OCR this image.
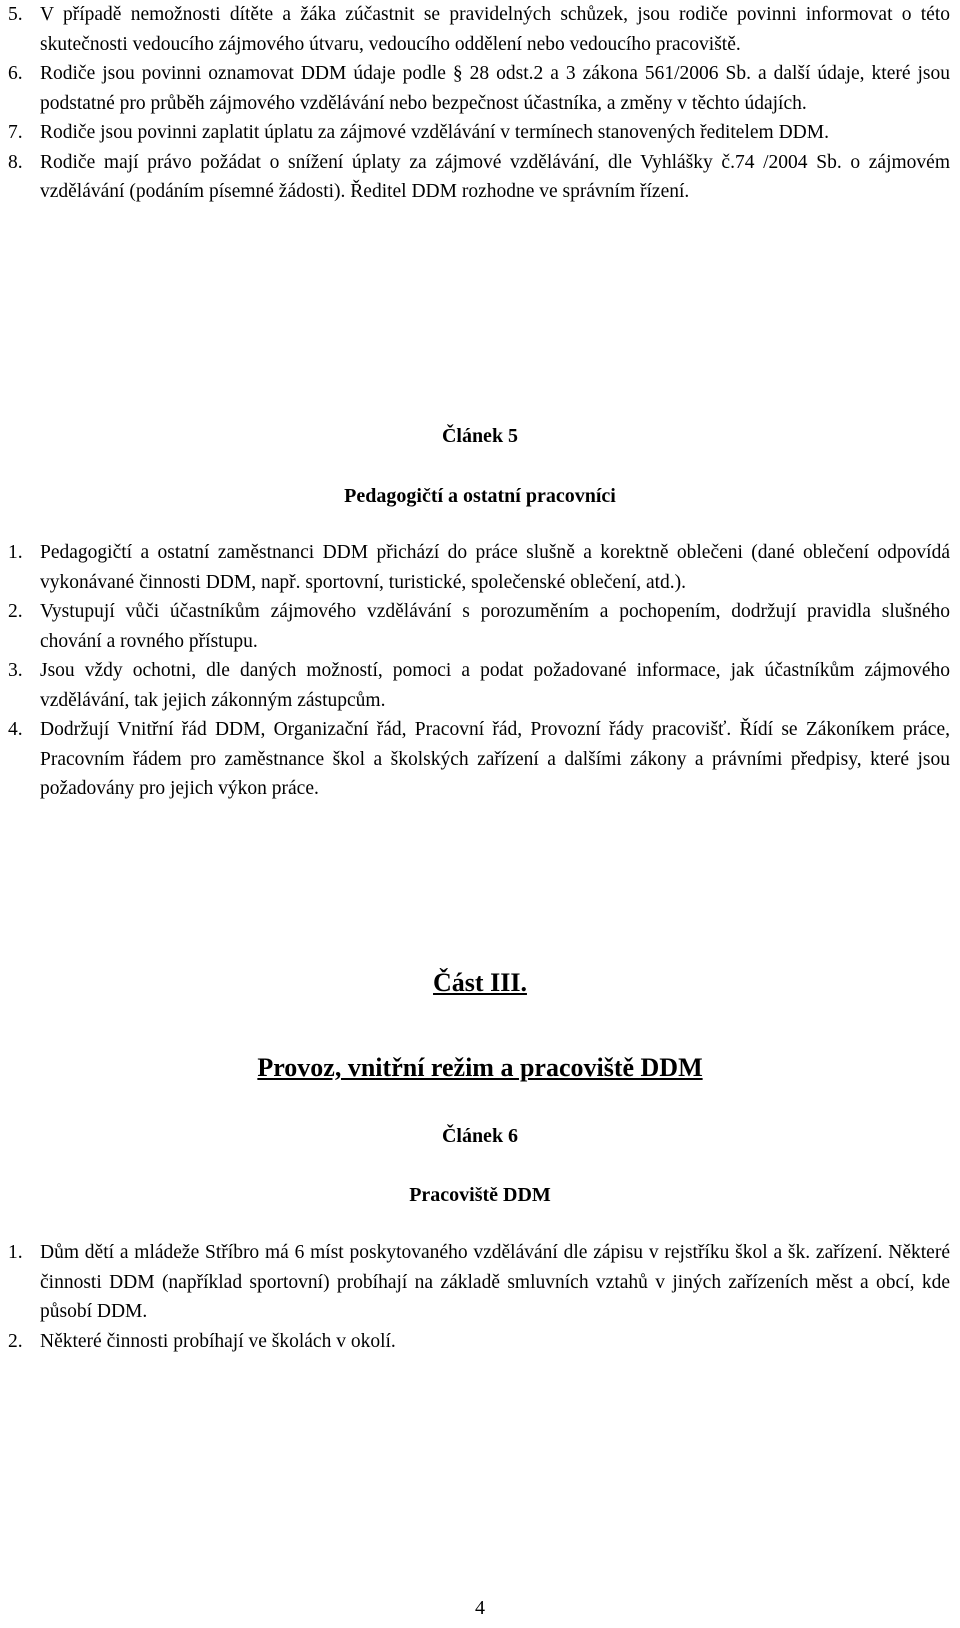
5. V případě nemožnosti dítěte a žáka zúčastnit se pravidelných schůzek, jsou rodiče povinni informovat o této skutečnosti vedoucího zájmového útvaru, vedoucího oddělení nebo vedoucího pracoviště.
6. Rodiče jsou povinni oznamovat DDM údaje podle § 28 odst.2 a 3 zákona 561/2006 Sb. a další údaje, které jsou podstatné pro průběh zájmového vzdělávání nebo bezpečnost účastníka, a změny v těchto údajích.
7. Rodiče jsou povinni zaplatit úplatu za zájmové vzdělávání v termínech stanovených ředitelem DDM.
8. Rodiče mají právo požádat o snížení úplaty za zájmové vzdělávání, dle Vyhlášky č.74 /2004 Sb. o zájmovém vzdělávání (podáním písemné žádosti). Ředitel DDM rozhodne ve správním řízení.
Článek 5
Pedagogičtí a ostatní pracovníci
1. Pedagogičtí a ostatní zaměstnanci DDM přichází do práce slušně a korektně oblečeni (dané oblečení odpovídá vykonávané činnosti DDM, např. sportovní, turistické, společenské oblečení, atd.).
2. Vystupují vůči účastníkům zájmového vzdělávání s porozuměním a pochopením, dodržují pravidla slušného chování a rovného přístupu.
3. Jsou vždy ochotni, dle daných možností, pomoci a podat požadované informace, jak účastníkům zájmového vzdělávání, tak jejich zákonným zástupcům.
4. Dodržují Vnitřní řád DDM, Organizační řád, Pracovní řád, Provozní řády pracovišť. Řídí se Zákoníkem práce, Pracovním řádem pro zaměstnance škol a školských zařízení a dalšími zákony a právními předpisy, které jsou požadovány pro jejich výkon práce.
Část III.
Provoz, vnitřní režim a pracoviště DDM
Článek 6
Pracoviště DDM
1. Dům dětí a mládeže Stříbro má 6 míst poskytovaného vzdělávání dle zápisu v rejstříku škol a šk. zařízení. Některé činnosti DDM (například sportovní) probíhají na základě smluvních vztahů v jiných zařízeních měst a obcí, kde působí DDM.
2. Některé činnosti probíhají ve školách v okolí.
4
